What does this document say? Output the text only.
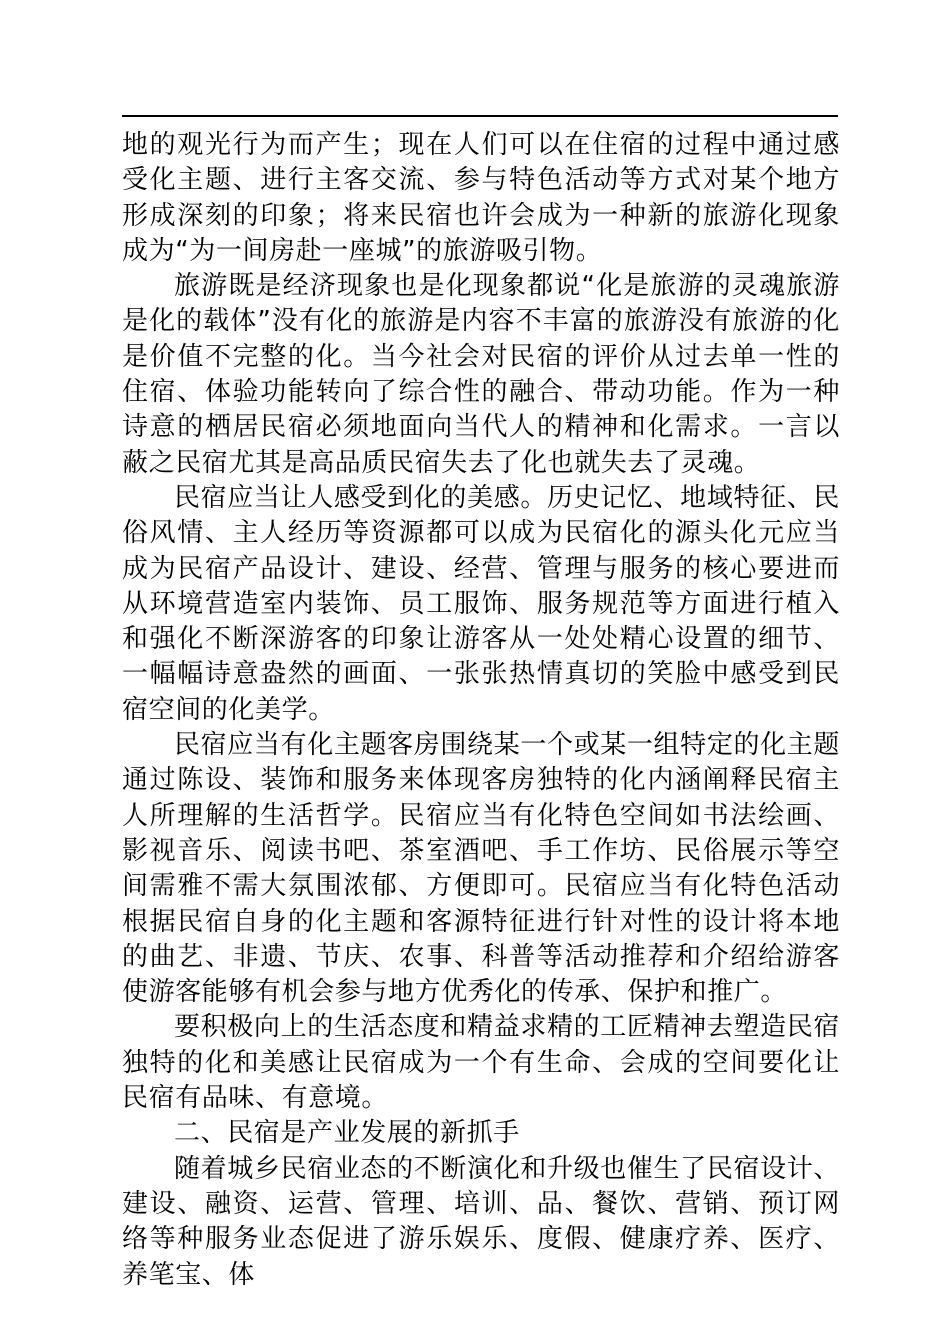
地的观光行为而产生；现在人们可以在住宿的过程中通过感受化主题、进行主客交流、参与特色活动等方式对某个地方形成深刻的印象；将来民宿也许会成为一种新的旅游化现象成为“为一间房赴一座城”的旅游吸引物。

旅游既是经济现象也是化现象都说“化是旅游的灵魂旅游是化的载体”没有化的旅游是内容不丰富的旅游没有旅游的化是价值不完整的化。当今社会对民宿的评价从过去单一性的住宿、体验功能转向了综合性的融合、带动功能。作为一种诗意的栖居民宿必须地面向当代人的精神和化需求。一言以蔽之民宿尤其是高品质民宿失去了化也就失去了灵魂。

民宿应当让人感受到化的美感。历史记忆、地域特征、民俗风情、主人经历等资源都可以成为民宿化的源头化元应当成为民宿产品设计、建设、经营、管理与服务的核心要进而从环境营造室内装饰、员工服饰、服务规范等方面进行植入和强化不断深游客的印象让游客从一处处精心设置的细节、一幅幅诗意盎然的画面、一张张热情真切的笑脸中感受到民宿空间的化美学。

民宿应当有化主题客房围绕某一个或某一组特定的化主题通过陈设、装饰和服务来体现客房独特的化内涵阐释民宿主人所理解的生活哲学。民宿应当有化特色空间如书法绘画、影视音乐、阅读书吧、茶室酒吧、手工作坊、民俗展示等空间需雅不需大氛围浓郁、方便即可。民宿应当有化特色活动根据民宿自身的化主题和客源特征进行针对性的设计将本地的曲艺、非遗、节庆、农事、科普等活动推荐和介绍给游客使游客能够有机会参与地方优秀化的传承、保护和推广。

要积极向上的生活态度和精益求精的工匠精神去塑造民宿独特的化和美感让民宿成为一个有生命、会成的空间要化让民宿有品味、有意境。

二、民宿是产业发展的新抓手

随着城乡民宿业态的不断演化和升级也催生了民宿设计、建设、融资、运营、管理、培训、品、餐饮、营销、预订网络等种服务业态促进了游乐娱乐、度假、健康疗养、医疗、养笔宝、体
